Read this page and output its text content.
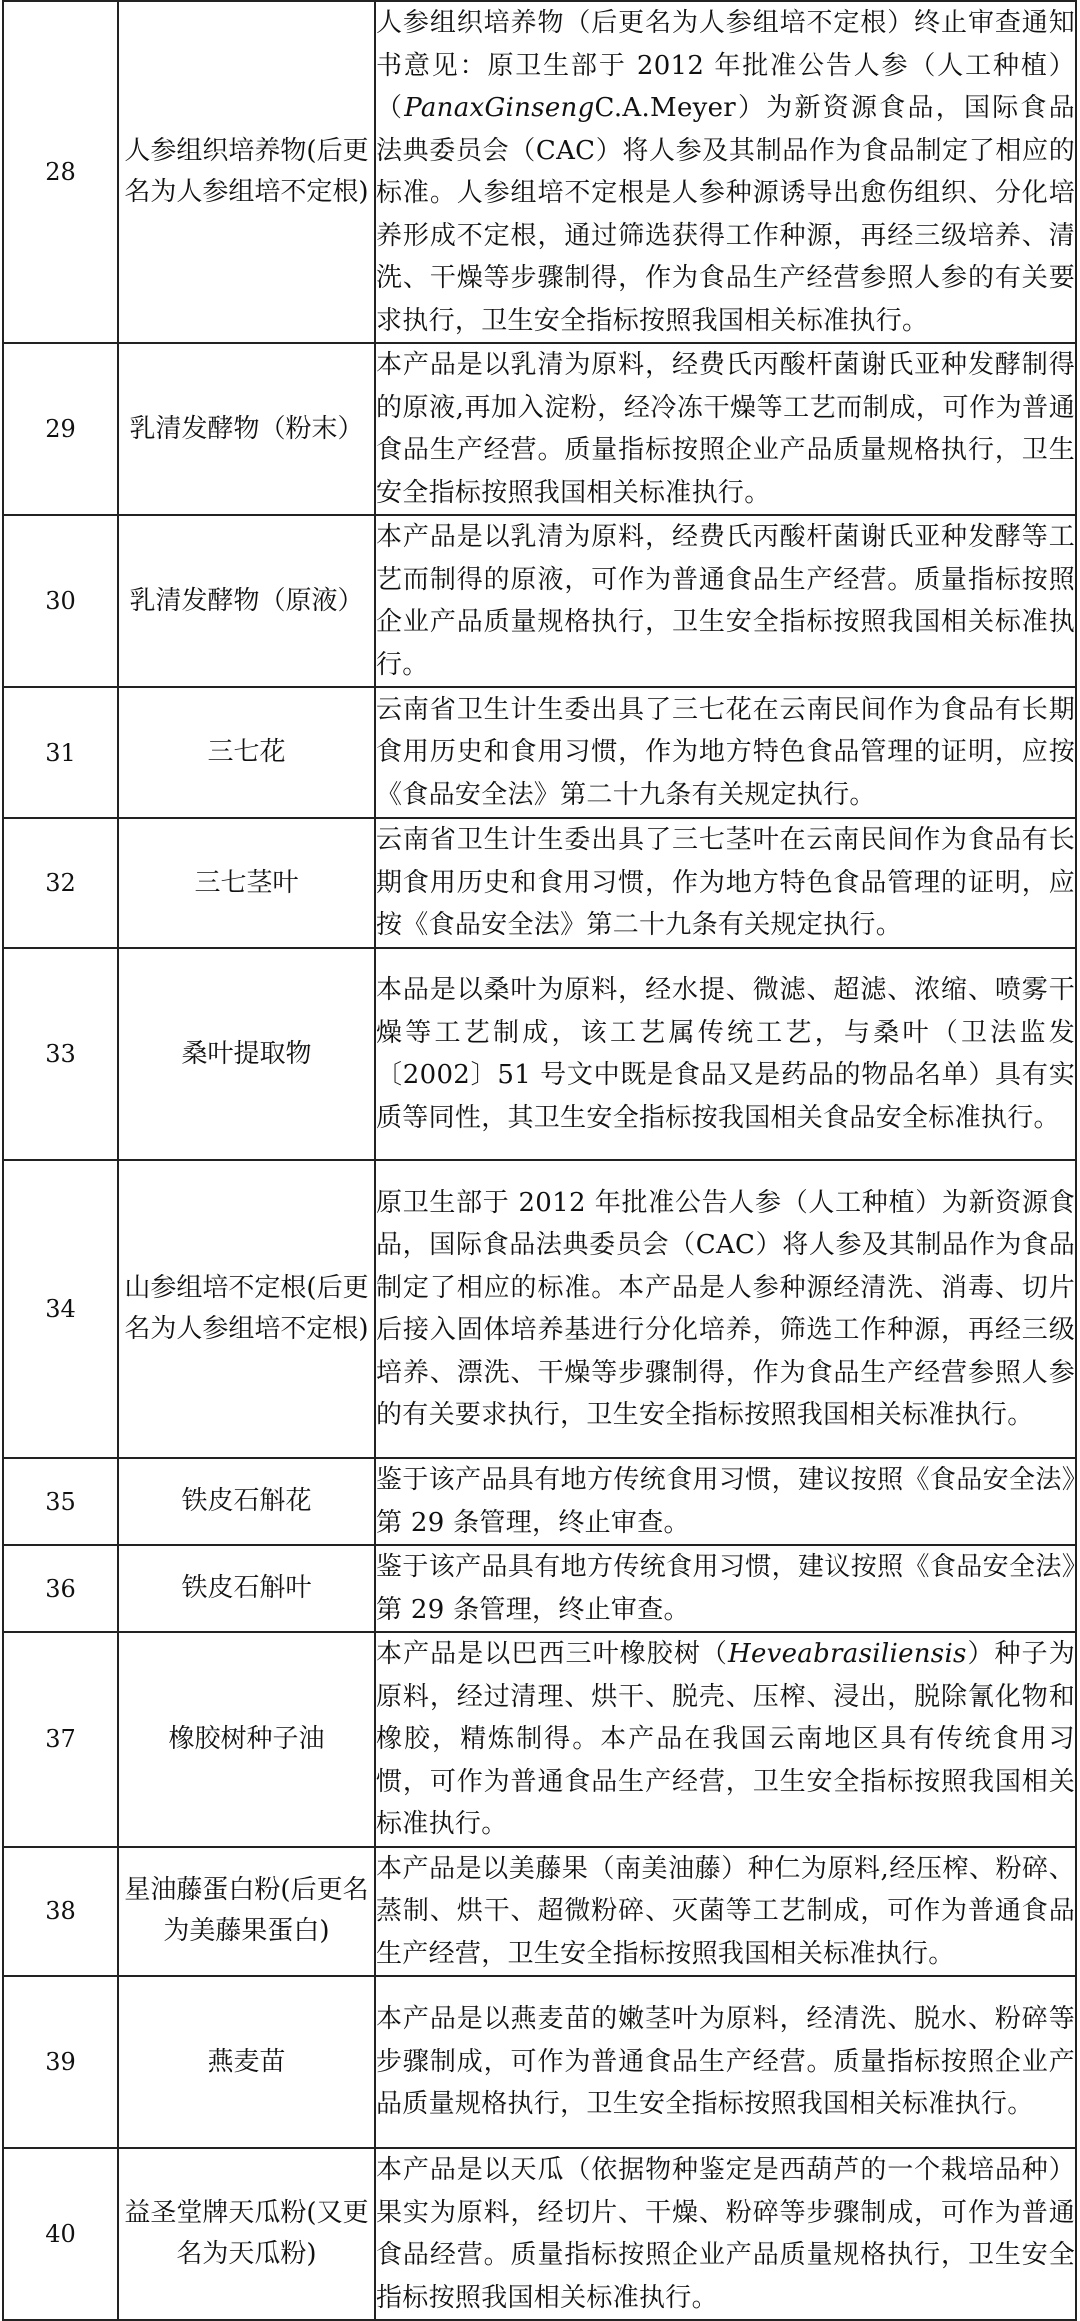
28	人参组织培养物(后更名为人参组培不定根)	人参组织培养物（后更名为人参组培不定根）终止审查通知书意见：原卫生部于 2012 年批准公告人参（人工种植）（PanaxGinsengC.A.Meyer）为新资源食品，国际食品法典委员会（CAC）将人参及其制品作为食品制定了相应的标准。人参组培不定根是人参种源诱导出愈伤组织、分化培养形成不定根，通过筛选获得工作种源，再经三级培养、清洗、干燥等步骤制得，作为食品生产经营参照人参的有关要求执行，卫生安全指标按照我国相关标准执行。
29	乳清发酵物（粉末）	本产品是以乳清为原料，经费氏丙酸杆菌谢氏亚种发酵制得的原液,再加入淀粉，经冷冻干燥等工艺而制成，可作为普通食品生产经营。质量指标按照企业产品质量规格执行，卫生安全指标按照我国相关标准执行。
30	乳清发酵物（原液）	本产品是以乳清为原料，经费氏丙酸杆菌谢氏亚种发酵等工艺而制得的原液，可作为普通食品生产经营。质量指标按照企业产品质量规格执行，卫生安全指标按照我国相关标准执行。
31	三七花	云南省卫生计生委出具了三七花在云南民间作为食品有长期食用历史和食用习惯，作为地方特色食品管理的证明，应按《食品安全法》第二十九条有关规定执行。
32	三七茎叶	云南省卫生计生委出具了三七茎叶在云南民间作为食品有长期食用历史和食用习惯，作为地方特色食品管理的证明，应按《食品安全法》第二十九条有关规定执行。
33	桑叶提取物	本品是以桑叶为原料，经水提、微滤、超滤、浓缩、喷雾干燥等工艺制成，该工艺属传统工艺，与桑叶（卫法监发〔2002〕51 号文中既是食品又是药品的物品名单）具有实质等同性，其卫生安全指标按我国相关食品安全标准执行。
34	山参组培不定根(后更名为人参组培不定根)	原卫生部于 2012 年批准公告人参（人工种植）为新资源食品，国际食品法典委员会（CAC）将人参及其制品作为食品制定了相应的标准。本产品是人参种源经清洗、消毒、切片后接入固体培养基进行分化培养，筛选工作种源，再经三级培养、漂洗、干燥等步骤制得，作为食品生产经营参照人参的有关要求执行，卫生安全指标按照我国相关标准执行。
35	铁皮石斛花	鉴于该产品具有地方传统食用习惯，建议按照《食品安全法》第 29 条管理，终止审查。
36	铁皮石斛叶	鉴于该产品具有地方传统食用习惯，建议按照《食品安全法》第 29 条管理，终止审查。
37	橡胶树种子油	本产品是以巴西三叶橡胶树（Heveabrasiliensis）种子为原料，经过清理、烘干、脱壳、压榨、浸出，脱除氰化物和橡胶，精炼制得。本产品在我国云南地区具有传统食用习惯，可作为普通食品生产经营，卫生安全指标按照我国相关标准执行。
38	星油藤蛋白粉(后更名为美藤果蛋白)	本产品是以美藤果（南美油藤）种仁为原料,经压榨、粉碎、蒸制、烘干、超微粉碎、灭菌等工艺制成，可作为普通食品生产经营，卫生安全指标按照我国相关标准执行。
39	燕麦苗	本产品是以燕麦苗的嫩茎叶为原料，经清洗、脱水、粉碎等步骤制成，可作为普通食品生产经营。质量指标按照企业产品质量规格执行，卫生安全指标按照我国相关标准执行。
40	益圣堂牌天瓜粉(又更名为天瓜粉)	本产品是以天瓜（依据物种鉴定是西葫芦的一个栽培品种）果实为原料，经切片、干燥、粉碎等步骤制成，可作为普通食品经营。质量指标按照企业产品质量规格执行，卫生安全指标按照我国相关标准执行。
